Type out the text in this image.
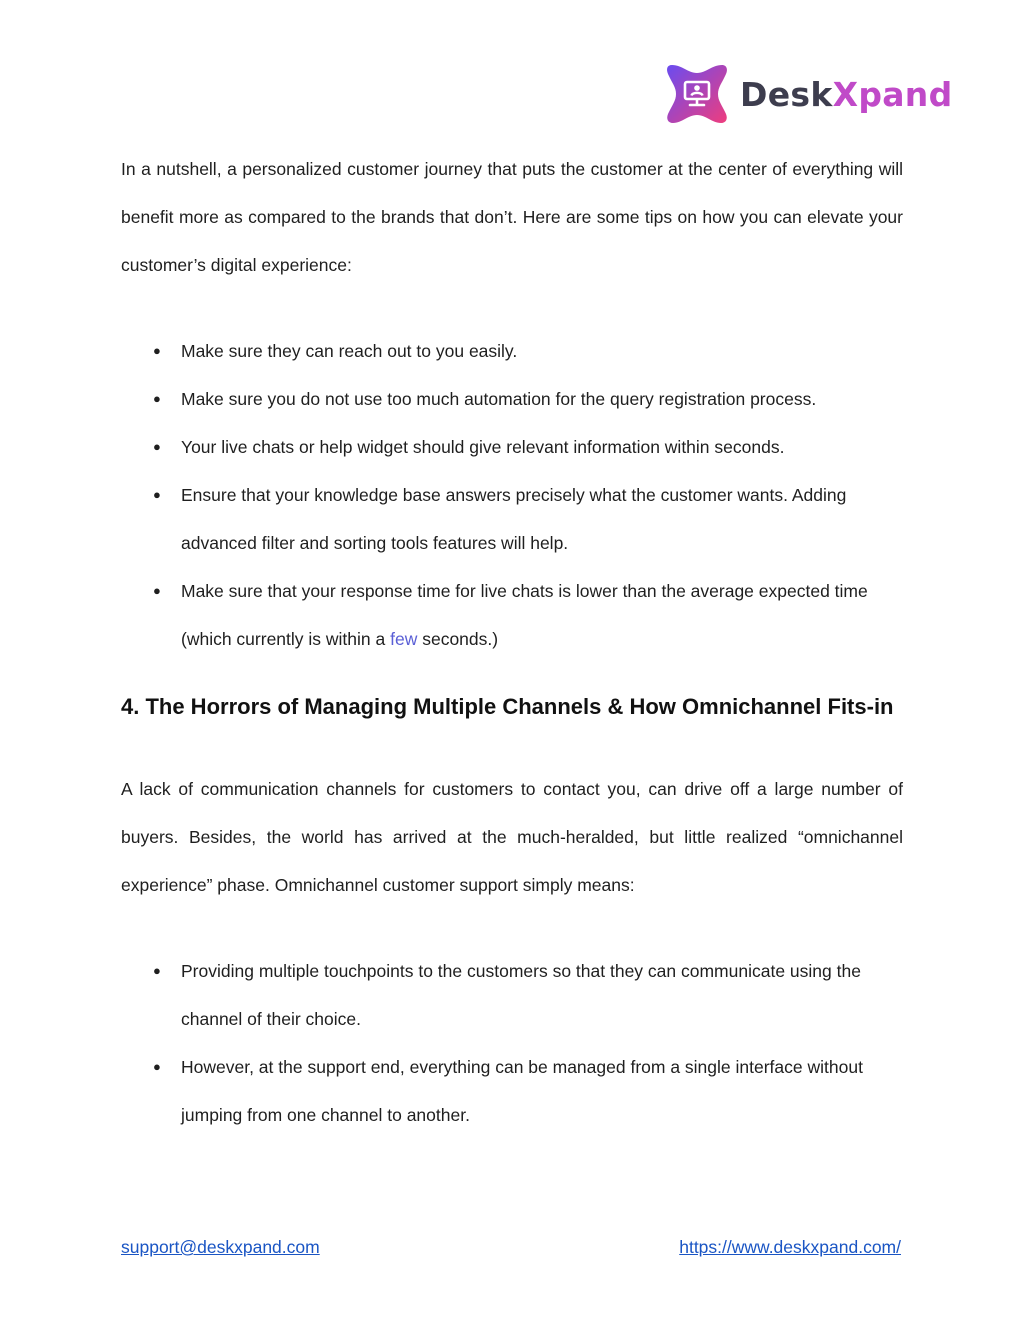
DeskXpand

In a nutshell, a personalized customer journey that puts the customer at the center of everything will benefit more as compared to the brands that don’t. Here are some tips on how you can elevate your customer’s digital experience:

● Make sure they can reach out to you easily.
● Make sure you do not use too much automation for the query registration process.
● Your live chats or help widget should give relevant information within seconds.
● Ensure that your knowledge base answers precisely what the customer wants. Adding advanced filter and sorting tools features will help.
● Make sure that your response time for live chats is lower than the average expected time (which currently is within a few seconds.)
4. The Horrors of Managing Multiple Channels & How Omnichannel Fits-in

A lack of communication channels for customers to contact you, can drive off a large number of buyers. Besides, the world has arrived at the much-heralded, but little realized “omnichannel experience” phase. Omnichannel customer support simply means:

● Providing multiple touchpoints to the customers so that they can communicate using the channel of their choice.
● However, at the support end, everything can be managed from a single interface without jumping from one channel to another.
support@deskxpand.com	https://www.deskxpand.com/
